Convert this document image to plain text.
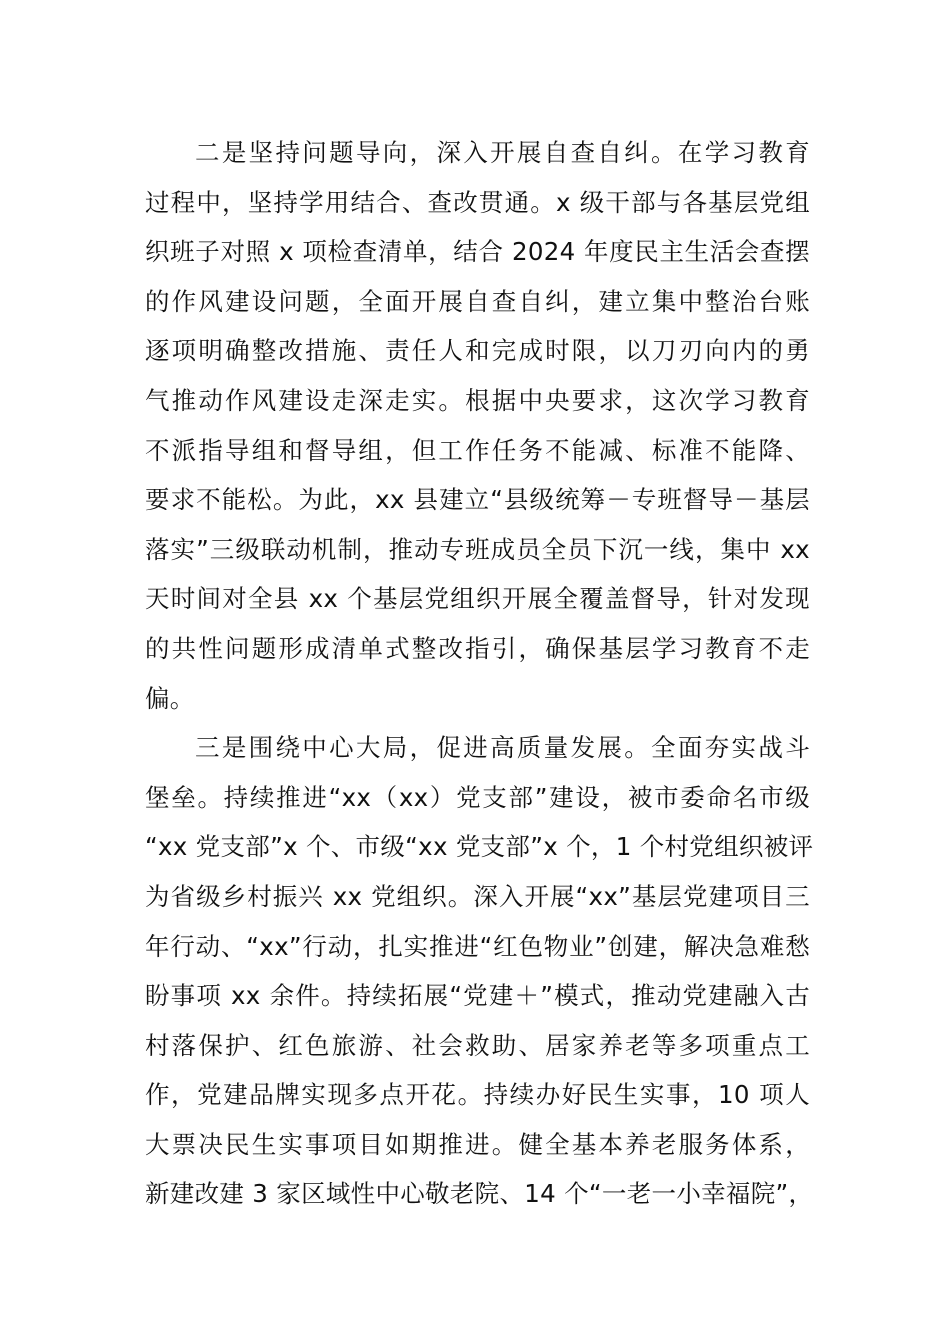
二是坚持问题导向，深入开展自查自纠。在学习教育
过程中，坚持学用结合、查改贯通。x 级干部与各基层党组
织班子对照 x 项检查清单，结合 2024 年度民主生活会查摆
的作风建设问题，全面开展自查自纠，建立集中整治台账
逐项明确整改措施、责任人和完成时限，以刀刃向内的勇
气推动作风建设走深走实。根据中央要求，这次学习教育
不派指导组和督导组，但工作任务不能减、标准不能降、
要求不能松。为此，xx 县建立“县级统筹－专班督导－基层
落实”三级联动机制，推动专班成员全员下沉一线，集中 xx
天时间对全县 xx 个基层党组织开展全覆盖督导，针对发现
的共性问题形成清单式整改指引，确保基层学习教育不走
偏。
三是围绕中心大局，促进高质量发展。全面夯实战斗
堡垒。持续推进“xx（xx）党支部”建设，被市委命名市级
“xx 党支部”x 个、市级“xx 党支部”x 个，1 个村党组织被评
为省级乡村振兴 xx 党组织。深入开展“xx”基层党建项目三
年行动、“xx”行动，扎实推进“红色物业”创建，解决急难愁
盼事项 xx 余件。持续拓展“党建＋”模式，推动党建融入古
村落保护、红色旅游、社会救助、居家养老等多项重点工
作，党建品牌实现多点开花。持续办好民生实事，10 项人
大票决民生实事项目如期推进。健全基本养老服务体系，
新建改建 3 家区域性中心敬老院、14 个“一老一小幸福院”，
